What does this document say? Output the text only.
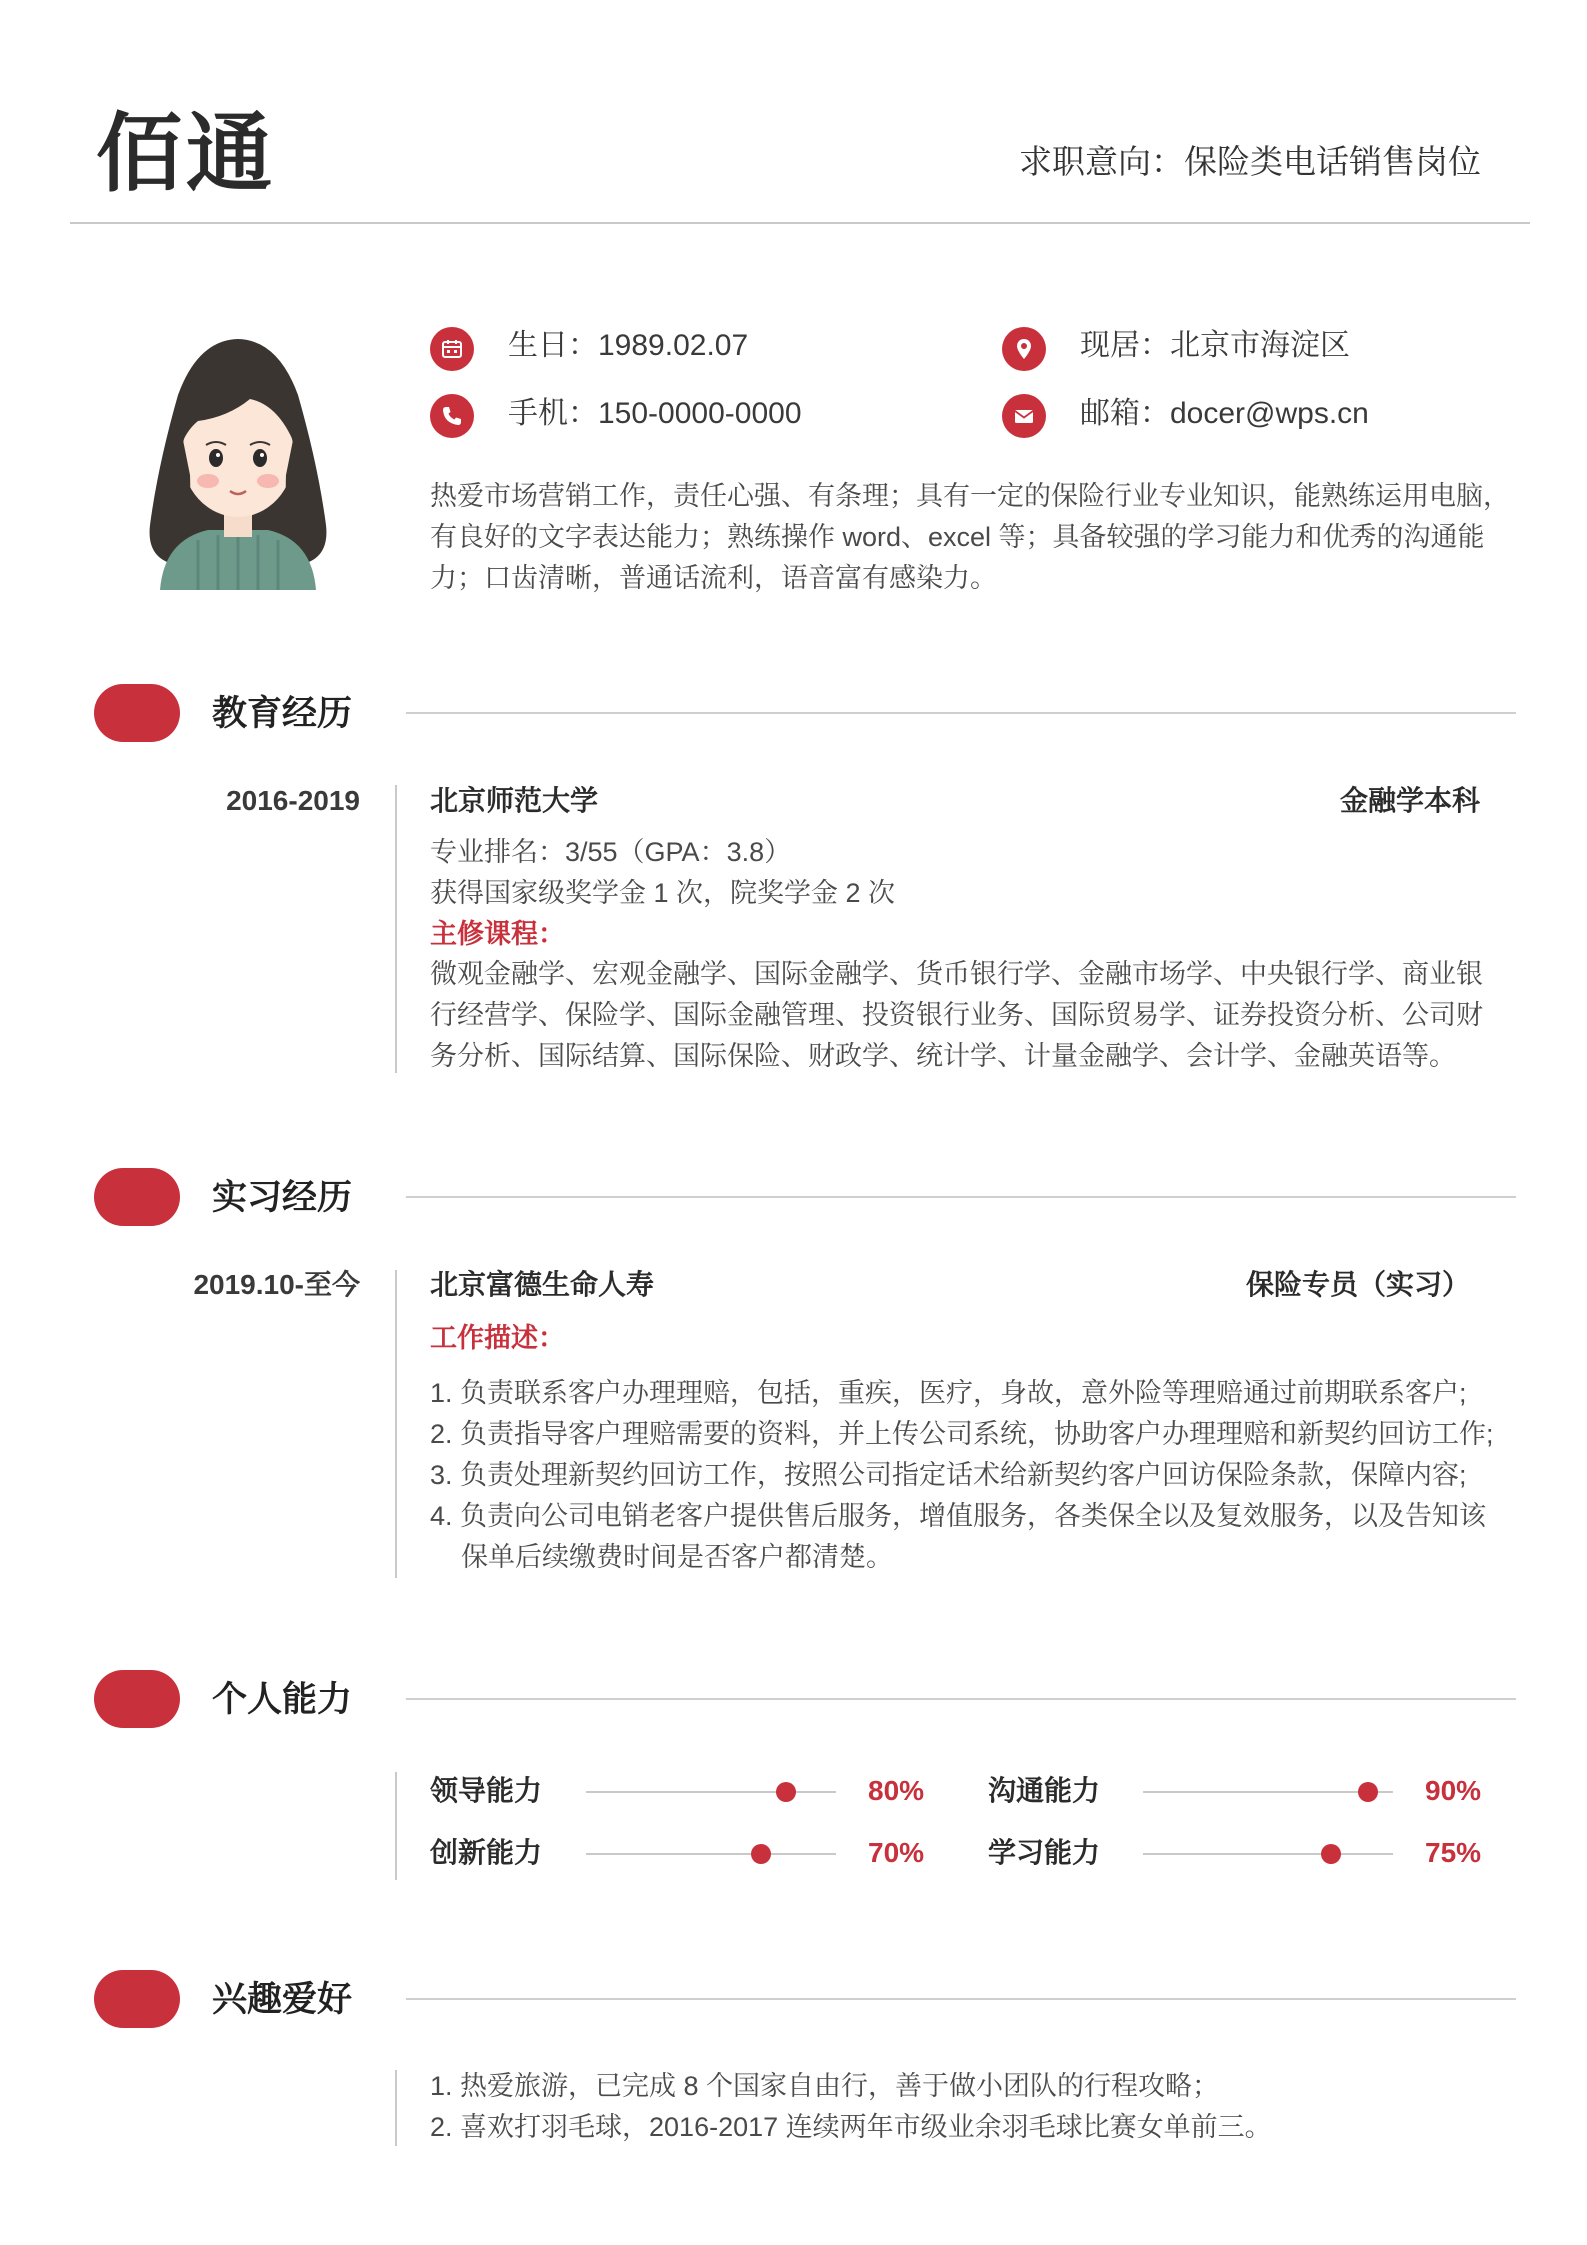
佰通	求职意向：保险类电话销售岗位
生日：1989.02.07	现居：北京市海淀区
手机：150-0000-0000	邮箱：docer@wps.cn
热爱市场营销工作，责任心强、有条理；具有一定的保险行业专业知识，能熟练运用电脑，
有良好的文字表达能力；熟练操作 word、excel 等；具备较强的学习能力和优秀的沟通能
力；口齿清晰，普通话流利，语音富有感染力。
教育经历
2016-2019	北京师范大学	金融学本科
专业排名：3/55（GPA：3.8）
获得国家级奖学金 1 次，院奖学金 2 次
主修课程：
微观金融学、宏观金融学、国际金融学、货币银行学、金融市场学、中央银行学、商业银
行经营学、保险学、国际金融管理、投资银行业务、国际贸易学、证券投资分析、公司财
务分析、国际结算、国际保险、财政学、统计学、计量金融学、会计学、金融英语等。
实习经历
2019.10-至今	北京富德生命人寿	保险专员（实习）
工作描述：
1. 负责联系客户办理理赔，包括，重疾，医疗，身故，意外险等理赔通过前期联系客户;
2. 负责指导客户理赔需要的资料，并上传公司系统，协助客户办理理赔和新契约回访工作;
3. 负责处理新契约回访工作，按照公司指定话术给新契约客户回访保险条款，保障内容;
4. 负责向公司电销老客户提供售后服务，增值服务，各类保全以及复效服务，以及告知该
保单后续缴费时间是否客户都清楚。
个人能力
领导能力	80% 沟通能力	90%
创新能力	70% 学习能力	75%
兴趣爱好
1. 热爱旅游，已完成 8 个国家自由行，善于做小团队的行程攻略；
2. 喜欢打羽毛球，2016-2017 连续两年市级业余羽毛球比赛女单前三。
